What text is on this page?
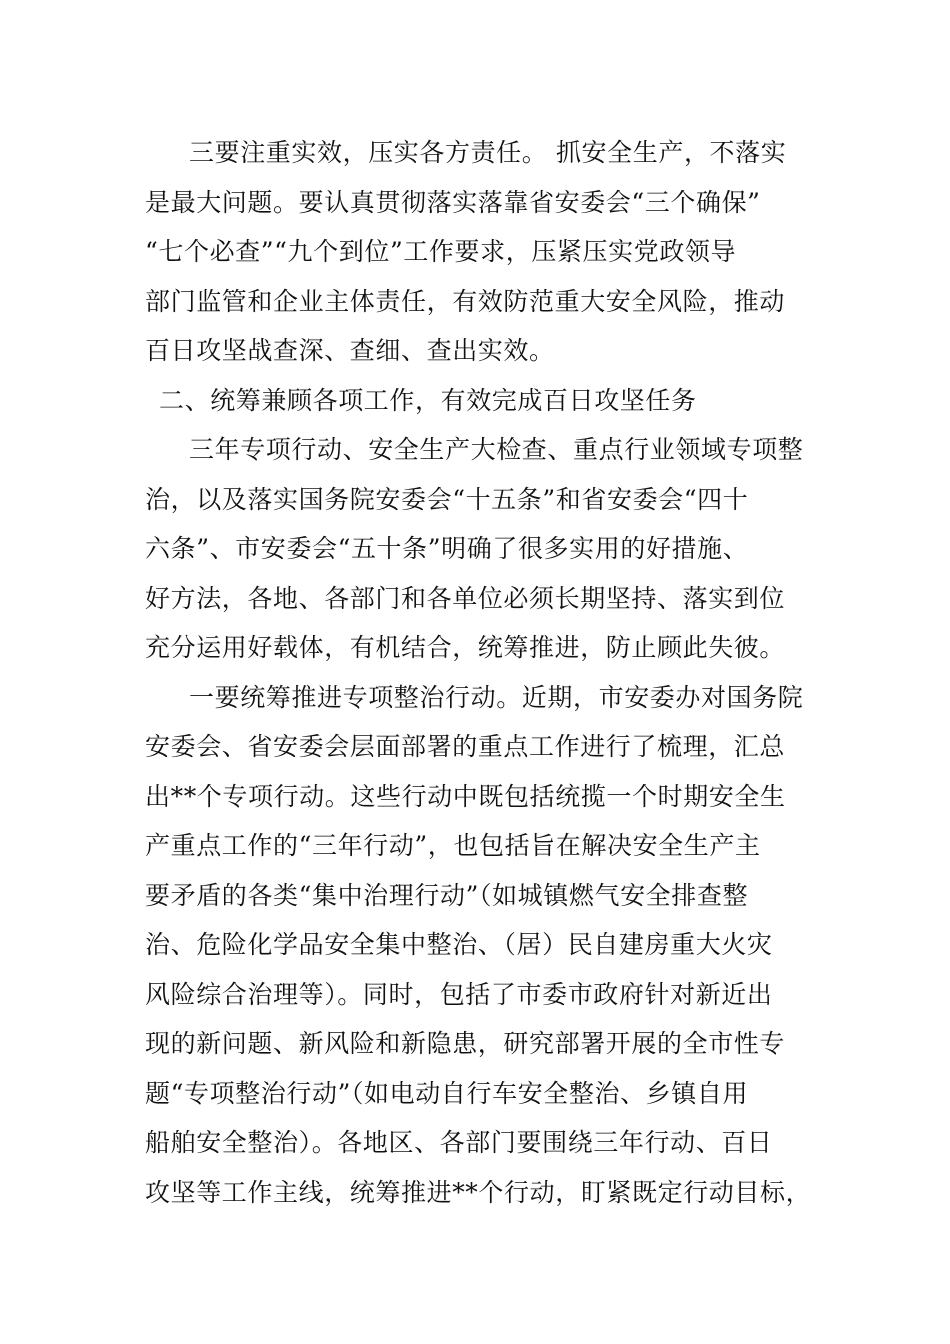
三要注重实效，压实各方责任。 抓安全生产，不落实
是最大问题。要认真贯彻落实落靠省安委会“三个确保”
“七个必查”“九个到位”工作要求，压紧压实党政领导
部门监管和企业主体责任，有效防范重大安全风险，推动
百日攻坚战查深、查细、查出实效。
二、统筹兼顾各项工作，有效完成百日攻坚任务
三年专项行动、安全生产大检查、重点行业领域专项整
治，以及落实国务院安委会“十五条”和省安委会“四十
六条”、市安委会“五十条”明确了很多实用的好措施、
好方法，各地、各部门和各单位必须长期坚持、落实到位
充分运用好载体，有机结合，统筹推进，防止顾此失彼。
一要统筹推进专项整治行动。近期，市安委办对国务院
安委会、省安委会层面部署的重点工作进行了梳理，汇总
出**个专项行动。这些行动中既包括统揽一个时期安全生
产重点工作的“三年行动”，也包括旨在解决安全生产主
要矛盾的各类“集中治理行动”（如城镇燃气安全排查整
治、危险化学品安全集中整治、（居）民自建房重大火灾
风险综合治理等）。同时，包括了市委市政府针对新近出
现的新问题、新风险和新隐患，研究部署开展的全市性专
题“专项整治行动”（如电动自行车安全整治、乡镇自用
船舶安全整治）。各地区、各部门要围绕三年行动、百日
攻坚等工作主线，统筹推进**个行动，盯紧既定行动目标，
